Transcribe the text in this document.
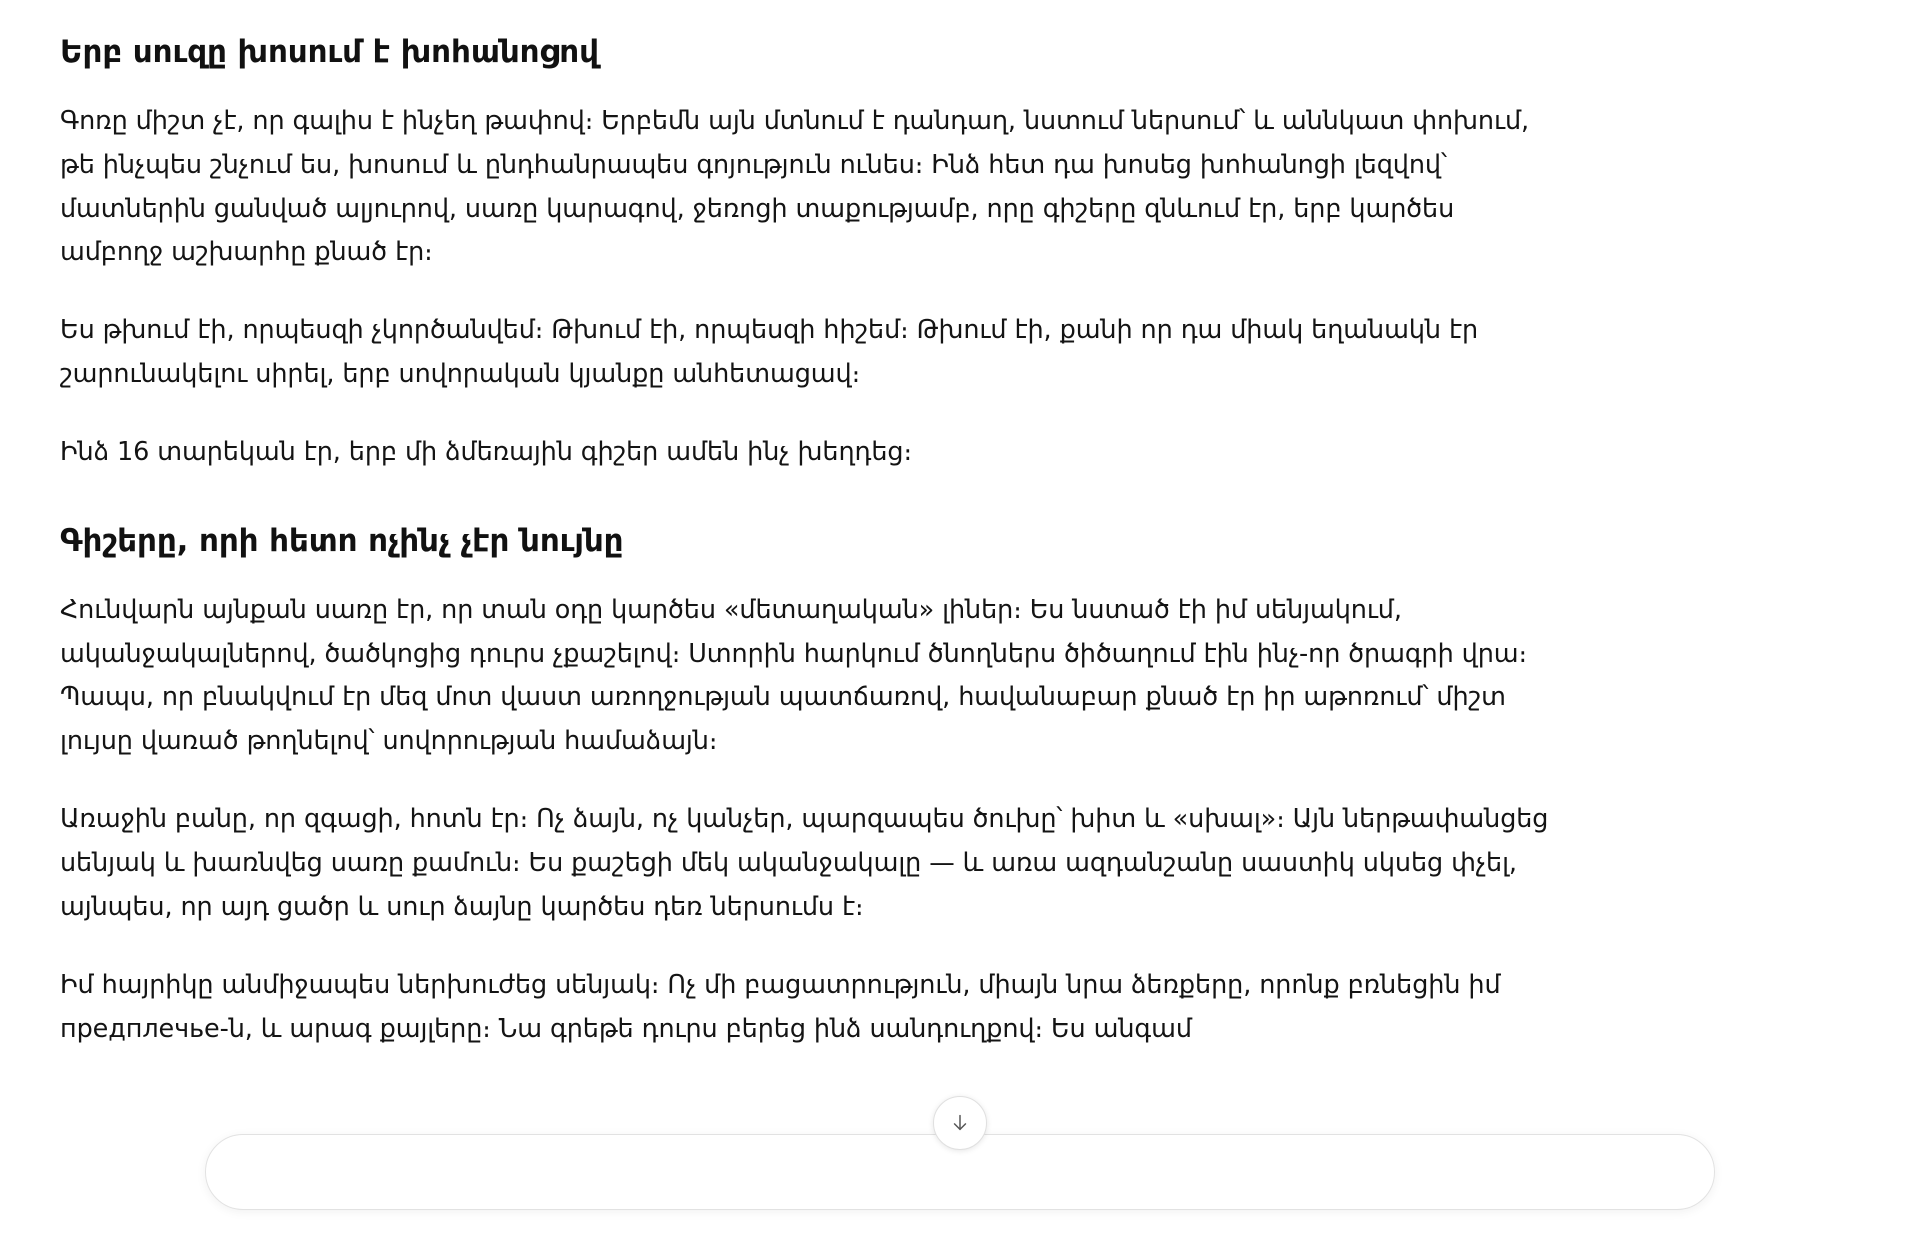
Երբ սուզը խոսում է խոհանոցով

Գոռը միշտ չէ, որ գալիս է ինչեղ թափով։ Երբեմն այն մտնում է դանդաղ, նստում ներսում՝ և աննկատ փոխում, թե ինչպես շնչում ես, խոսում և ընդհանրապես գոյություն ունես։ Ինձ հետ դա խոսեց խոհանոցի լեզվով՝ մատներին ցանված ալյուրով, սառը կարագով, ջեռոցի տաքությամբ, որը գիշերը զնևում էր, երբ կարծես ամբողջ աշխարհը քնած էր։

Ես թխում էի, որպեսզի չկործանվեմ։ Թխում էի, որպեսզի հիշեմ։ Թխում էի, քանի որ դա միակ եղանակն էր շարունակելու սիրել, երբ սովորական կյանքը անհետացավ։

Ինձ 16 տարեկան էր, երբ մի ձմեռային գիշեր ամեն ինչ խեղդեց։

Գիշերը, որի հետո ոչինչ չէր նույնը

Հունվարն այնքան սառը էր, որ տան օդը կարծես «մետաղական» լիներ։ Ես նստած էի իմ սենյակում, ականջակալներով, ծածկոցից դուրս չքաշելով։ Ստորին հարկում ծնողներս ծիծաղում էին ինչ-որ ծրագրի վրա։ Պապս, որ բնակվում էր մեզ մոտ վաստ առողջության պատճառով, հավանաբար քնած էր իր աթոռում՝ միշտ լույսը վառած թողնելով՝ սովորության համաձայն։

Առաջին բանը, որ զգացի, հոտն էր։ Ոչ ձայն, ոչ կանչեր, պարզապես ծուխը՝ խիտ և «սխալ»։ Այն ներթափանցեց սենյակ և խառնվեց սառը քամուն։ Ես քաշեցի մեկ ականջակալը — և առա ազդանշանը սաստիկ սկսեց փչել, այնպես, որ այդ ցածր և սուր ձայնը կարծես դեռ ներսումս է։

Իմ հայրիկը անմիջապես ներխուժեց սենյակ։ Ոչ մի բացատրություն, միայն նրա ձեռքերը, որոնք բռնեցին իմ предплечье-ն, և արագ քայլերը։ Նա գրեթե դուրս բերեց ինձ սանդուղքով։ Ես անգամ
